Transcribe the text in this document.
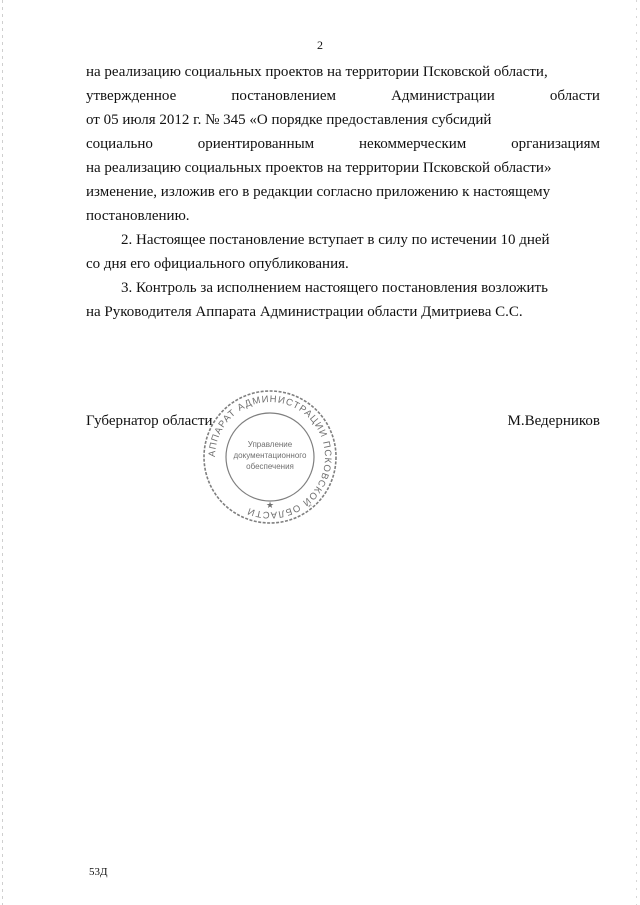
2
на реализацию социальных проектов на территории Псковской области,
утвержденное	постановлением	Администрации	области
от 05 июля 2012 г. № 345 «О порядке предоставления субсидий
социально	ориентированным	некоммерческим	организациям
на реализацию социальных проектов на территории Псковской области»
изменение, изложив его в редакции согласно приложению к настоящему
постановлению.
2. Настоящее постановление вступает в силу по истечении 10 дней
со дня его официального опубликования.
3. Контроль за исполнением настоящего постановления возложить
на Руководителя Аппарата Администрации области Дмитриева С.С.
Губернатор области	М.Ведерников
АППАРАТ АДМИНИСТРАЦИИ ПСКОВСКОЙ ОБЛАСТИ
Управление
документационного
обеспечения
★
53Д
